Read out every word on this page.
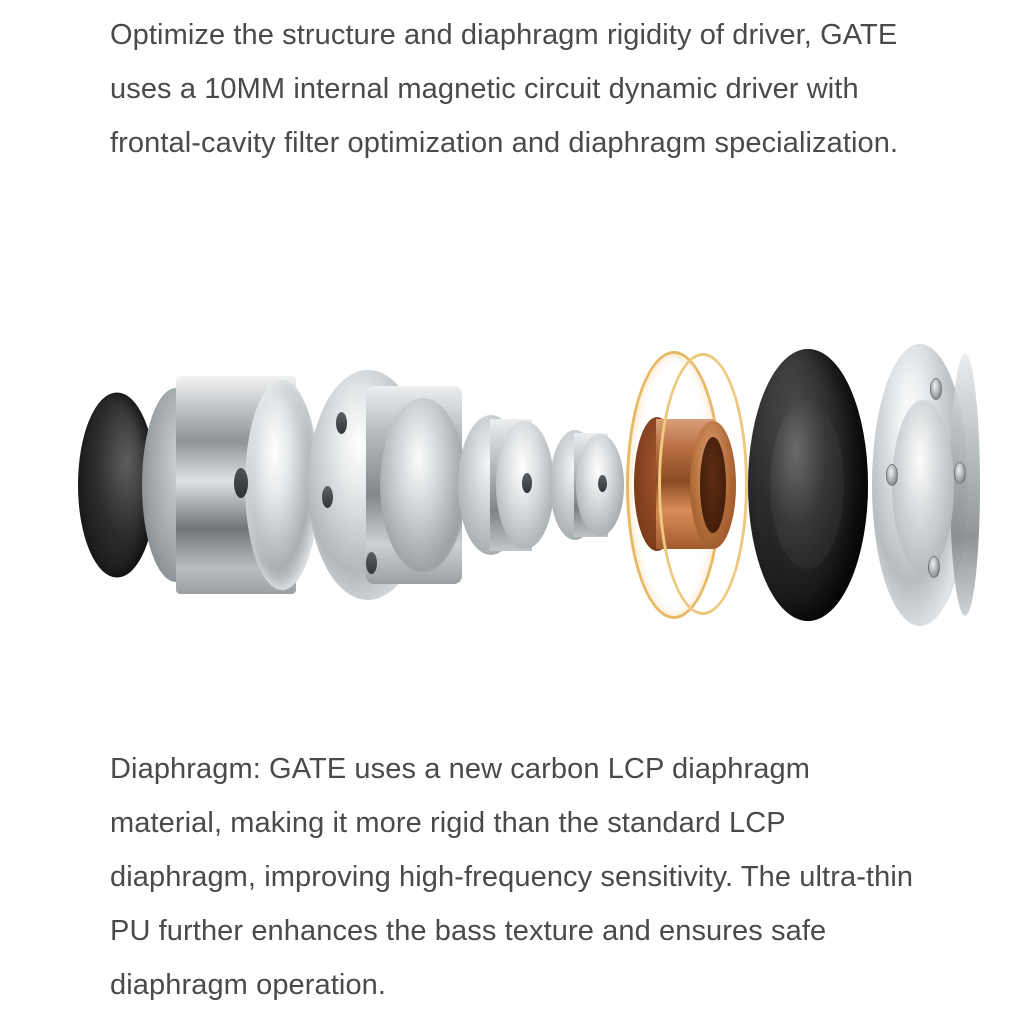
Optimize the structure and diaphragm rigidity of driver, GATE uses a 10MM internal magnetic circuit dynamic driver with frontal-cavity filter optimization and diaphragm specialization.
Diaphragm: GATE uses a new carbon LCP diaphragm material, making it more rigid than the standard LCP diaphragm, improving high-frequency sensitivity. The ultra-thin PU further enhances the bass texture and ensures safe diaphragm operation.
